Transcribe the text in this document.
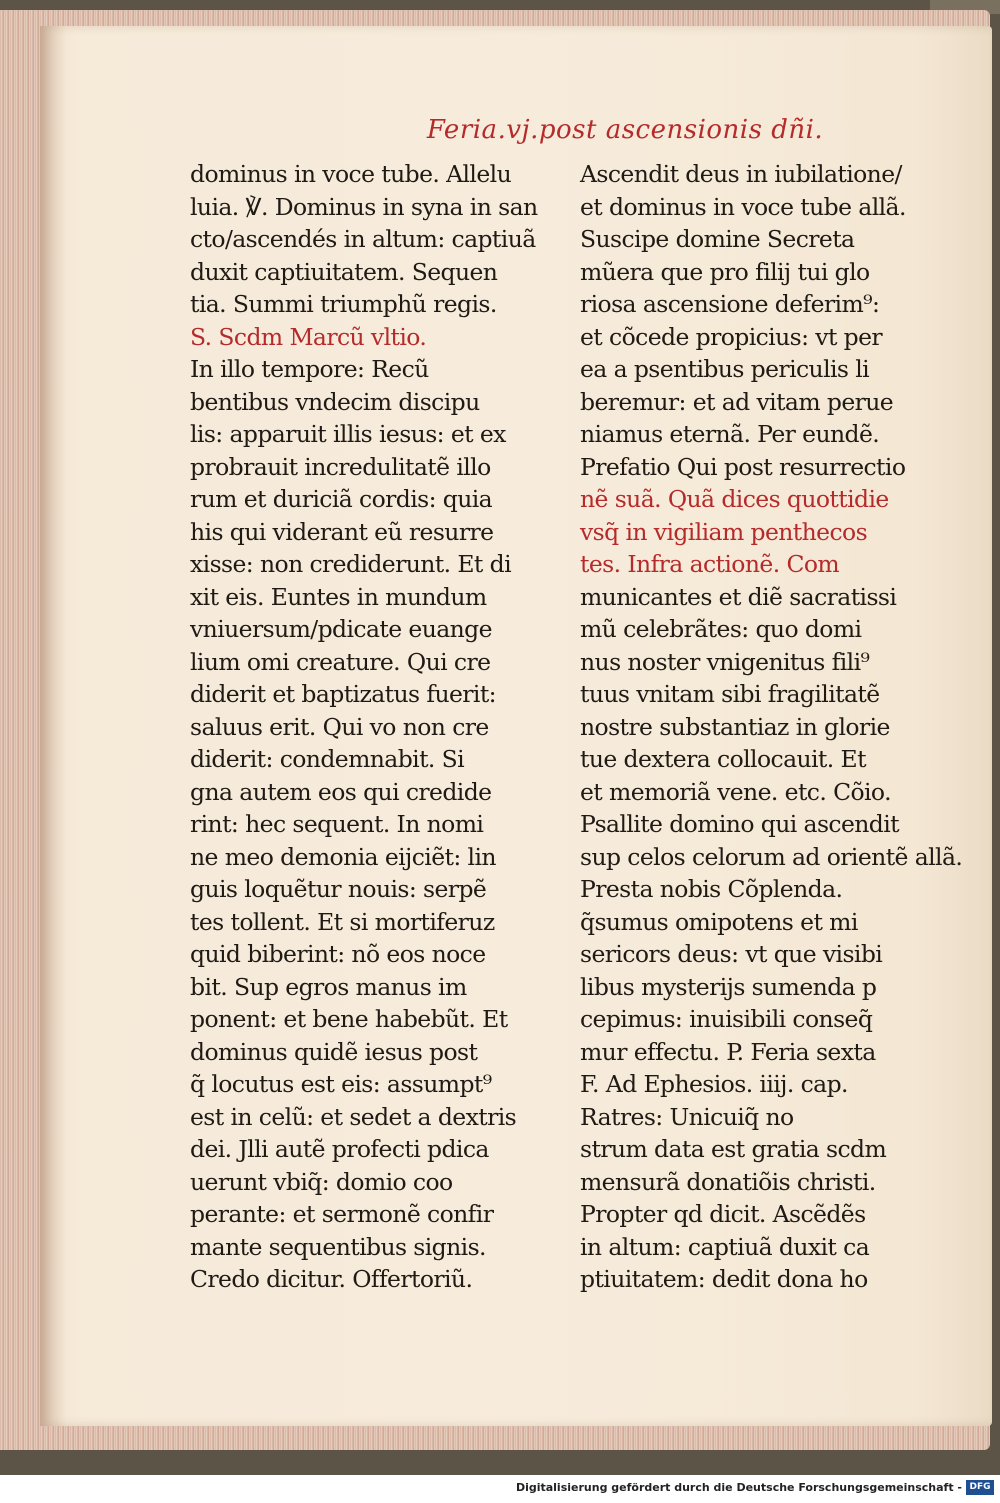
Feria.vj.post ascensionis dñi.
dominus in voce tube. Allelu
luia. ℣. Dominus in syna in san
cto/ascendés in altum: captiuã
duxit captiuitatem. Sequen
tia. Summi triumphũ regis.
S. Scdm Marcũ vltio.
In illo tempore: Recũ
bentibus vndecim discipu
lis: apparuit illis iesus: et ex
probrauit incredulitatẽ illo
rum et duriciã cordis: quia
his qui viderant eũ resurre
xisse: non crediderunt. Et di
xit eis. Euntes in mundum
vniuersum/pdicate euange
lium omi creature. Qui cre
diderit et baptizatus fuerit:
saluus erit. Qui vo non cre
diderit: condemnabit. Si
gna autem eos qui credide
rint: hec sequent. In nomi
ne meo demonia eijciẽt: lin
guis loquẽtur nouis: serpẽ
tes tollent. Et si mortiferuz
quid biberint: nõ eos noce
bit. Sup egros manus im
ponent: et bene habebũt. Et
dominus quidẽ iesus post
q̃ locutus est eis: assumpt⁹
est in celũ: et sedet a dextris
dei. Jlli autẽ profecti pdica
uerunt vbiq̃: domio coo
perante: et sermonẽ confir
mante sequentibus signis.
Credo dicitur. Offertoriũ.
Ascendit deus in iubilatione/
et dominus in voce tube allã.
Suscipe domine Secreta
mũera que pro filij tui glo
riosa ascensione deferim⁹:
et cõcede propicius: vt per
ea a psentibus periculis li
beremur: et ad vitam perue
niamus eternã. Per eundẽ.
Prefatio Qui post resurrectio
nẽ suã. Quã dices quottidie
vsq̃ in vigiliam penthecos
tes. Infra actionẽ. Com
municantes et diẽ sacratissi
mũ celebrãtes: quo domi
nus noster vnigenitus fili⁹
tuus vnitam sibi fragilitatẽ
nostre substantiaz in glorie
tue dextera collocauit. Et
et memoriã vene. etc. Cõio.
Psallite domino qui ascendit
sup celos celorum ad orientẽ allã.
Presta nobis Cõplenda.
q̃sumus omipotens et mi
sericors deus: vt que visibi
libus mysterijs sumenda p
cepimus: inuisibili conseq̃
mur effectu. P. Feria sexta
F. Ad Ephesios. iiij. cap.
Ratres: Unicuiq̃ no
strum data est gratia scdm
mensurã donatiõis christi.
Propter qd dicit. Ascẽdẽs
in altum: captiuã duxit ca
ptiuitatem: dedit dona ho
Digitalisierung gefördert durch die Deutsche Forschungsgemeinschaft - DFG
